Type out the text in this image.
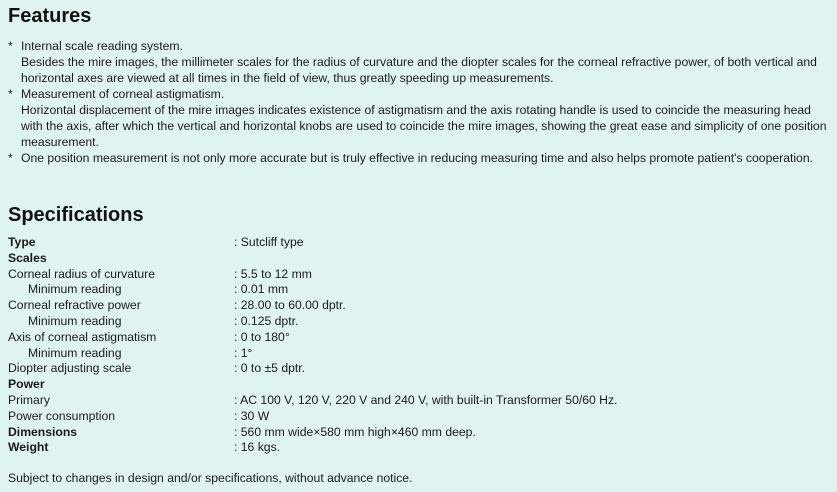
Features
* Internal scale reading system.
Besides the mire images, the millimeter scales for the radius of curvature and the diopter scales for the corneal refractive power, of both vertical and horizontal axes are viewed at all times in the field of view, thus greatly speeding up measurements.
* Measurement of corneal astigmatism.
Horizontal displacement of the mire images indicates existence of astigmatism and the axis rotating handle is used to coincide the measuring head with the axis, after which the vertical and horizontal knobs are used to coincide the mire images, showing the great ease and simplicity of one position measurement.
* One position measurement is not only more accurate but is truly effective in reducing measuring time and also helps promote patient's cooperation.
Specifications
Type	: Sutcliff type
Scales
Corneal radius of curvature	: 5.5 to 12 mm
Minimum reading	: 0.01 mm
Corneal refractive power	: 28.00 to 60.00 dptr.
Minimum reading	: 0.125 dptr.
Axis of corneal astigmatism	: 0 to 180°
Minimum reading	: 1°
Diopter adjusting scale	: 0 to ±5 dptr.
Power
Primary	: AC 100 V, 120 V, 220 V and 240 V, with built-in Transformer 50/60 Hz.
Power consumption	: 30 W
Dimensions	: 560 mm wide×580 mm high×460 mm deep.
Weight	: 16 kgs.
Subject to changes in design and/or specifications, without advance notice.
